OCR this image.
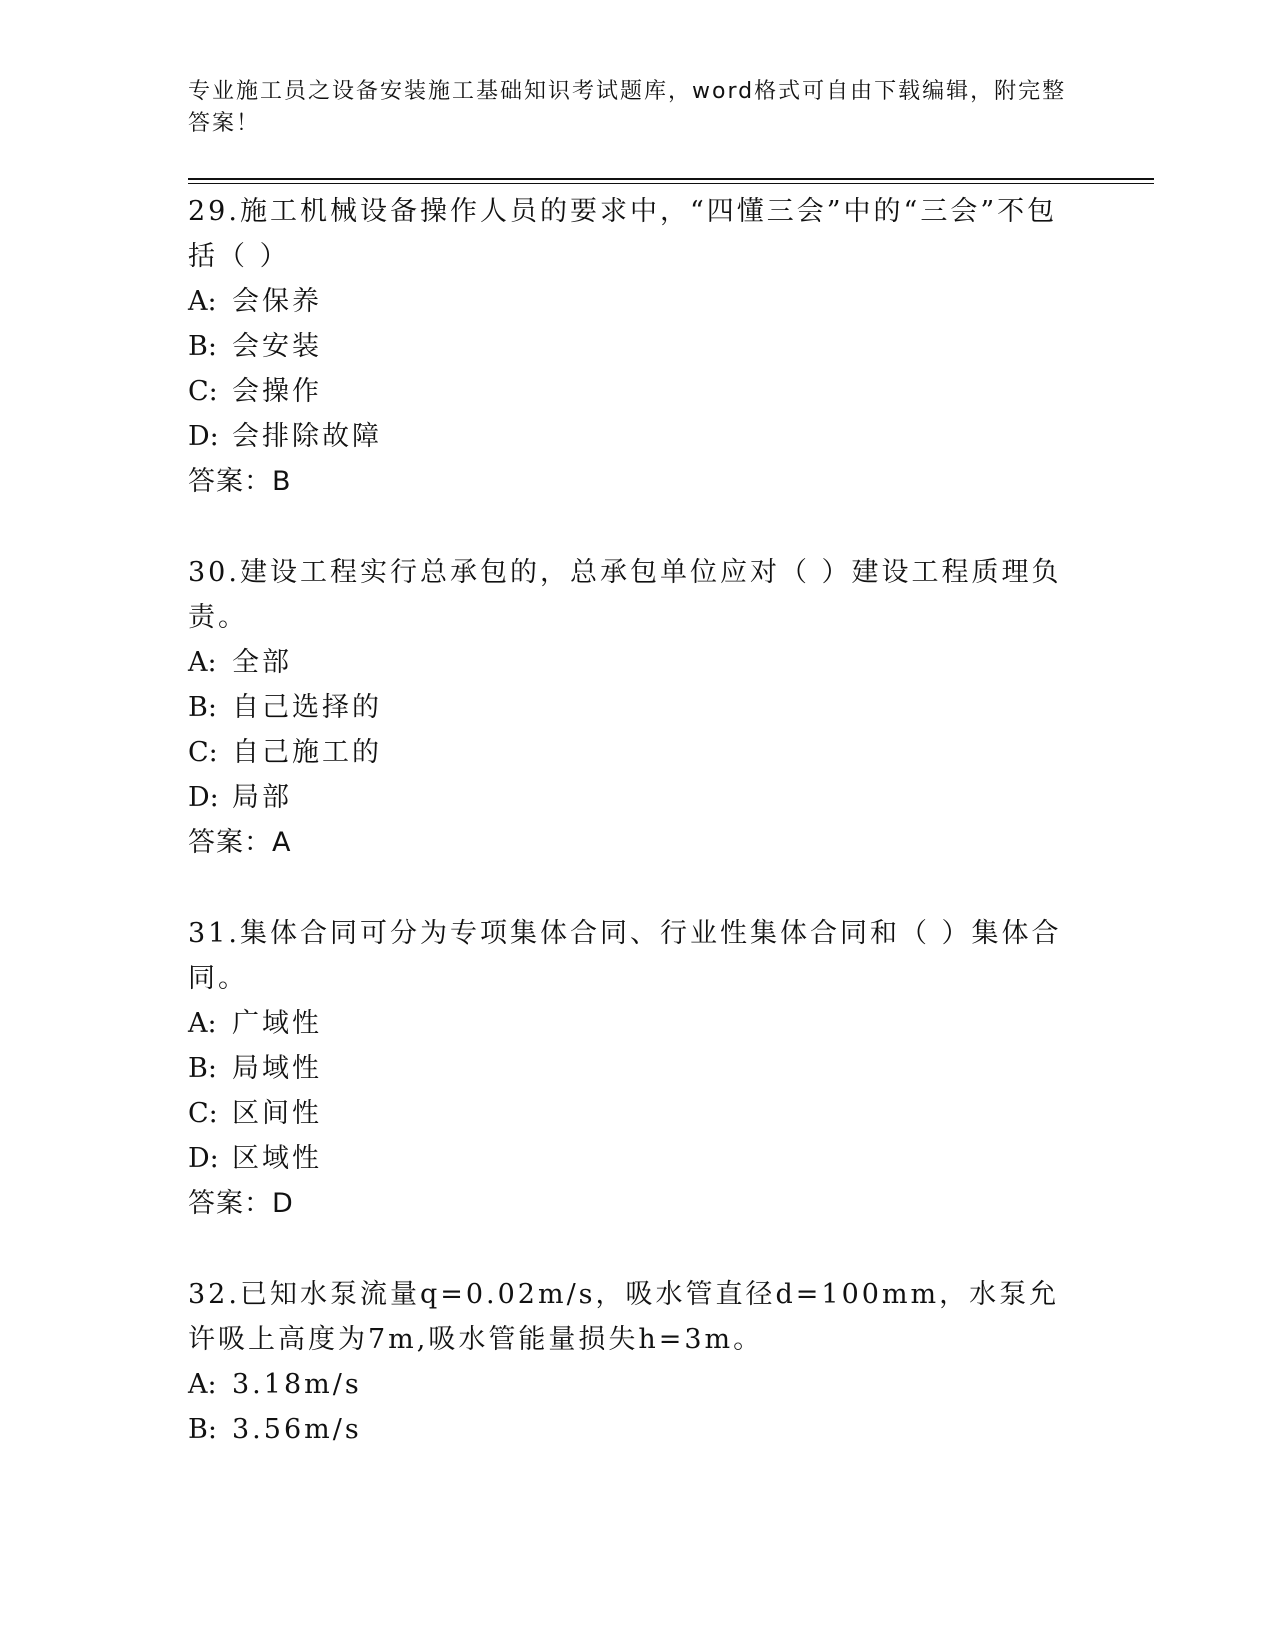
专业施工员之设备安装施工基础知识考试题库，word格式可自由下载编辑，附完整答案！
29.施工机械设备操作人员的要求中，“四懂三会”中的“三会”不包括（ ）
A: 会保养
B: 会安装
C: 会操作
D: 会排除故障
答案：B
30.建设工程实行总承包的，总承包单位应对（ ）建设工程质理负责。
A: 全部
B: 自己选择的
C: 自己施工的
D: 局部
答案：A
31.集体合同可分为专项集体合同、行业性集体合同和（ ）集体合同。
A: 广域性
B: 局域性
C: 区间性
D: 区域性
答案：D
32.已知水泵流量q=0.02m/s，吸水管直径d=100mm，水泵允许吸上高度为7m,吸水管能量损失h=3m。
A: 3.18m/s
B: 3.56m/s
